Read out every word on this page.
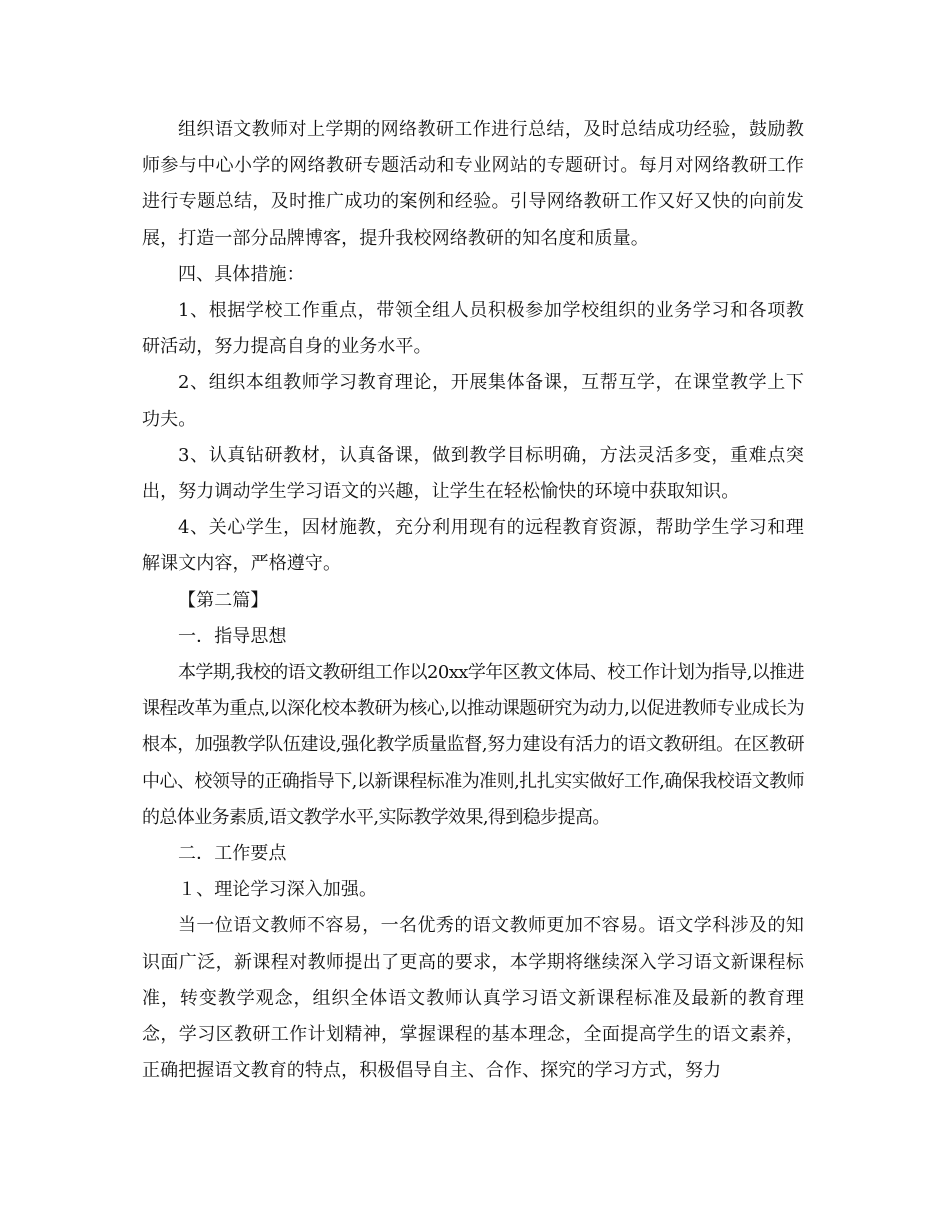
组织语文教师对上学期的网络教研工作进行总结，及时总结成功经验，鼓励教师参与中心小学的网络教研专题活动和专业网站的专题研讨。每月对网络教研工作进行专题总结，及时推广成功的案例和经验。引导网络教研工作又好又快的向前发展，打造一部分品牌博客，提升我校网络教研的知名度和质量。

四、具体措施：

1、根据学校工作重点，带领全组人员积极参加学校组织的业务学习和各项教研活动，努力提高自身的业务水平。

2、组织本组教师学习教育理论，开展集体备课，互帮互学，在课堂教学上下功夫。

3、认真钻研教材，认真备课，做到教学目标明确，方法灵活多变，重难点突出，努力调动学生学习语文的兴趣，让学生在轻松愉快的环境中获取知识。

4、关心学生，因材施教，充分利用现有的远程教育资源，帮助学生学习和理解课文内容，严格遵守。

【第二篇】

一．指导思想

本学期,我校的语文教研组工作以20xx学年区教文体局、校工作计划为指导,以推进课程改革为重点,以深化校本教研为核心,以推动课题研究为动力,以促进教师专业成长为根本，加强教学队伍建设,强化教学质量监督,努力建设有活力的语文教研组。在区教研中心、校领导的正确指导下,以新课程标准为准则,扎扎实实做好工作,确保我校语文教师的总体业务素质,语文教学水平,实际教学效果,得到稳步提高。

二．工作要点

１、理论学习深入加强。

当一位语文教师不容易，一名优秀的语文教师更加不容易。语文学科涉及的知识面广泛，新课程对教师提出了更高的要求，本学期将继续深入学习语文新课程标准，转变教学观念，组织全体语文教师认真学习语文新课程标准及最新的教育理念，学习区教研工作计划精神，掌握课程的基本理念，全面提高学生的语文素养，正确把握语文教育的特点，积极倡导自主、合作、探究的学习方式，努力
